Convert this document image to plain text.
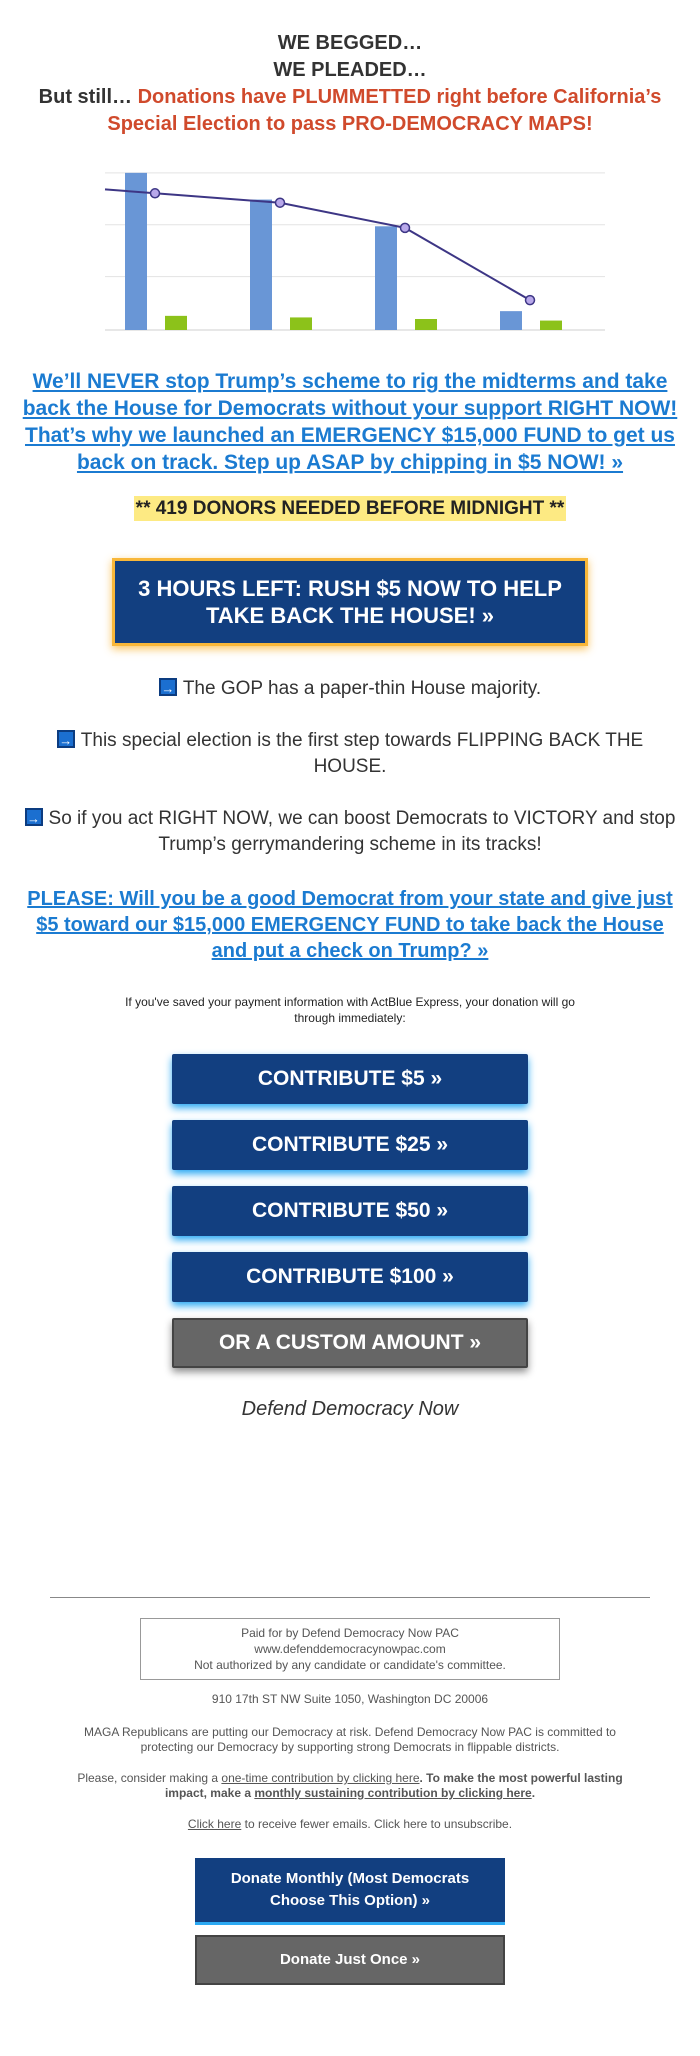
WE BEGGED…
WE PLEADED…
But still… Donations have PLUMMETTED right before California’s Special Election to pass PRO-DEMOCRACY MAPS!
We’ll NEVER stop Trump’s scheme to rig the midterms and take back the House for Democrats without your support RIGHT NOW! That’s why we launched an EMERGENCY $15,000 FUND to get us back on track. Step up ASAP by chipping in $5 NOW! »
** 419 DONORS NEEDED BEFORE MIDNIGHT **
3 HOURS LEFT: RUSH $5 NOW TO HELP TAKE BACK THE HOUSE! »
→ The GOP has a paper-thin House majority.
→ This special election is the first step towards FLIPPING BACK THE HOUSE.
→ So if you act RIGHT NOW, we can boost Democrats to VICTORY and stop Trump’s gerrymandering scheme in its tracks!
PLEASE: Will you be a good Democrat from your state and give just $5 toward our $15,000 EMERGENCY FUND to take back the House and put a check on Trump? »
If you've saved your payment information with ActBlue Express, your donation will go through immediately:
CONTRIBUTE $5 »
CONTRIBUTE $25 »
CONTRIBUTE $50 »
CONTRIBUTE $100 »
OR A CUSTOM AMOUNT »
Defend Democracy Now
Paid for by Defend Democracy Now PAC
www.defenddemocracynowpac.com
Not authorized by any candidate or candidate's committee.
910 17th ST NW Suite 1050, Washington DC 20006
MAGA Republicans are putting our Democracy at risk. Defend Democracy Now PAC is committed to protecting our Democracy by supporting strong Democrats in flippable districts.
Please, consider making a one-time contribution by clicking here. To make the most powerful lasting impact, make a monthly sustaining contribution by clicking here.
Click here to receive fewer emails. Click here to unsubscribe.
Donate Monthly (Most Democrats Choose This Option) »
Donate Just Once »
